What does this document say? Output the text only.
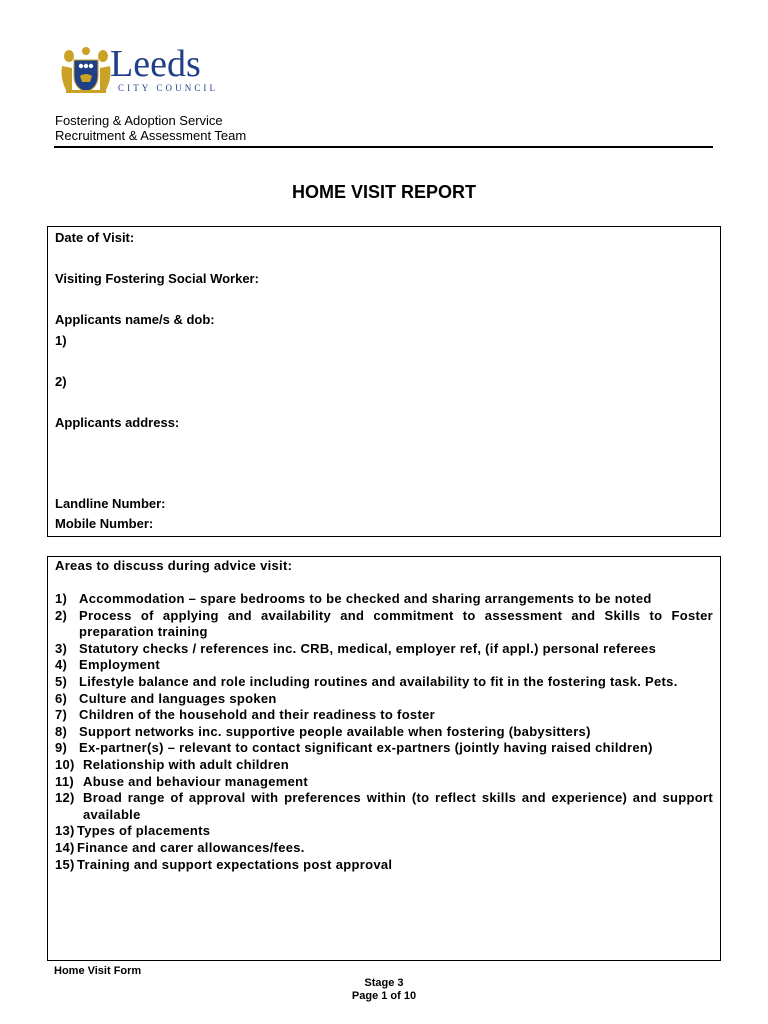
Leeds
CITY COUNCIL
Fostering & Adoption Service
Recruitment & Assessment Team
HOME VISIT REPORT
Date of Visit:
Visiting Fostering Social Worker:
Applicants name/s & dob:
1)
2)
Applicants address:
Landline Number:
Mobile Number:
Areas to discuss during advice visit:
1) Accommodation – spare bedrooms to be checked and sharing arrangements to be noted
2) Process of applying and availability and commitment to assessment and Skills to Foster preparation training
3) Statutory checks / references inc. CRB, medical, employer ref, (if appl.) personal referees
4) Employment
5) Lifestyle balance and role including routines and availability to fit in the fostering task. Pets.
6) Culture and languages spoken
7) Children of the household and their readiness to foster
8) Support networks inc. supportive people available when fostering (babysitters)
9) Ex-partner(s) – relevant to contact significant ex-partners (jointly having raised children)
10) Relationship with adult children
11) Abuse and behaviour management
12) Broad range of approval with preferences within (to reflect skills and experience) and support available
13) Types of placements
14) Finance and carer allowances/fees.
15) Training and support expectations post approval
Home Visit Form
Stage 3
Page 1 of 10
